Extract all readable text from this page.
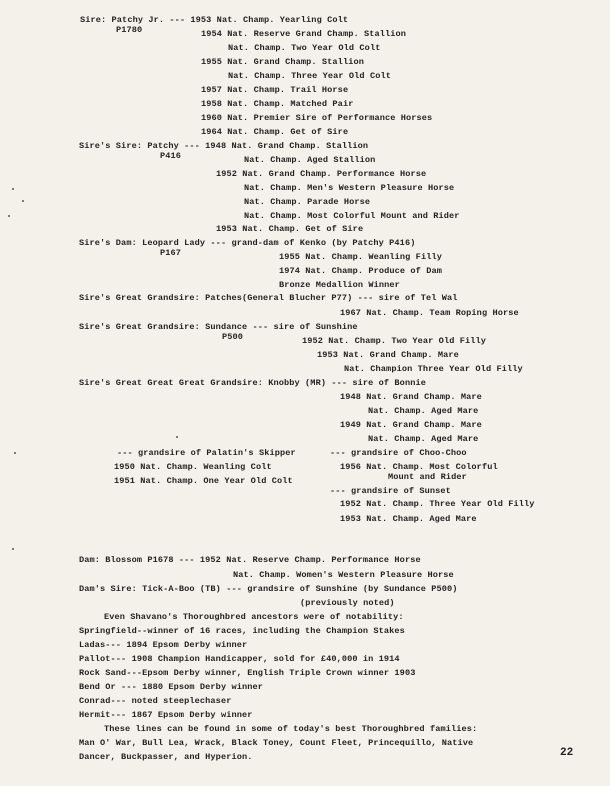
Sire: Patchy Jr. --- 1953 Nat. Champ. Yearling Colt
P1780	1954 Nat. Reserve Grand Champ. Stallion
Nat. Champ. Two Year Old Colt
1955 Nat. Grand Champ. Stallion
Nat. Champ. Three Year Old Colt
1957 Nat. Champ. Trail Horse
1958 Nat. Champ. Matched Pair
1960 Nat. Premier Sire of Performance Horses
1964 Nat. Champ. Get of Sire
Sire's Sire: Patchy --- 1948 Nat. Grand Champ. Stallion
P416	Nat. Champ. Aged Stallion
1952 Nat. Grand Champ. Performance Horse
Nat. Champ. Men's Western Pleasure Horse
Nat. Champ. Parade Horse
Nat. Champ. Most Colorful Mount and Rider
1953 Nat. Champ. Get of Sire
Sire's Dam: Leopard Lady --- grand-dam of Kenko (by Patchy P416)
P167	1955 Nat. Champ. Weanling Filly
1974 Nat. Champ. Produce of Dam
Bronze Medallion Winner
Sire's Great Grandsire: Patches(General Blucher P77) --- sire of Tel Wal
1967 Nat. Champ. Team Roping Horse
Sire's Great Grandsire: Sundance --- sire of Sunshine
P500	1952 Nat. Champ. Two Year Old Filly
1953 Nat. Grand Champ. Mare
Nat. Champion Three Year Old Filly
Sire's Great Great Great Grandsire: Knobby (MR) --- sire of Bonnie
1948 Nat. Grand Champ. Mare
Nat. Champ. Aged Mare
1949 Nat. Grand Champ. Mare
Nat. Champ. Aged Mare
--- grandsire of Palatin's Skipper	--- grandsire of Choo-Choo
1950 Nat. Champ. Weanling Colt	1956 Nat. Champ. Most Colorful
Mount and Rider
1951 Nat. Champ. One Year Old Colt
--- grandsire of Sunset
1952 Nat. Champ. Three Year Old Filly
1953 Nat. Champ. Aged Mare
Dam: Blossom P1678 --- 1952 Nat. Reserve Champ. Performance Horse
Nat. Champ. Women's Western Pleasure Horse
Dam's Sire: Tick-A-Boo (TB) --- grandsire of Sunshine (by Sundance P500)
(previously noted)
Even Shavano's Thoroughbred ancestors were of notability:
Springfield--winner of 16 races, including the Champion Stakes
Ladas--- 1894 Epsom Derby winner
Pallot--- 1908 Champion Handicapper, sold for £40,000 in 1914
Rock Sand---Epsom Derby winner, English Triple Crown winner 1903
Bend Or --- 1880 Epsom Derby winner
Conrad--- noted steeplechaser
Hermit--- 1867 Epsom Derby winner
These lines can be found in some of today's best Thoroughbred families:
Man O' War, Bull Lea, Wrack, Black Toney, Count Fleet, Princequillo, Native
Dancer, Buckpasser, and Hyperion.	22
